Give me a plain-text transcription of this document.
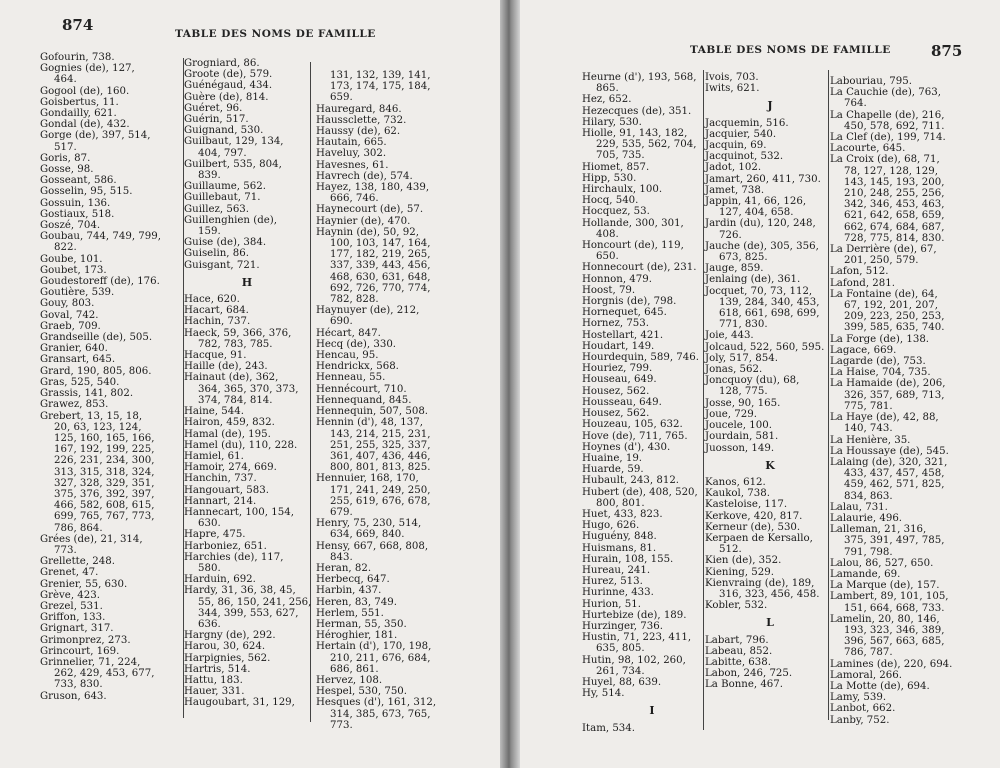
874	TABLE DES NOMS DE FAMILLE
Gofourin, 738.
Gognies (de), 127,
464.
Gogool (de), 160.
Goisbertus, 11.
Gondailly, 621.
Gondal (de), 432.
Gorge (de), 397, 514,
517.
Goris, 87.
Gosse, 98.
Gosseant, 586.
Gosselin, 95, 515.
Gossuin, 136.
Gostiaux, 518.
Goszé, 704.
Goubau, 744, 749, 799,
822.
Goube, 101.
Goubet, 173.
Goudestoreff (de), 176.
Goutière, 539.
Gouy, 803.
Goval, 742.
Graeb, 709.
Grandseille (de), 505.
Granier, 640.
Gransart, 645.
Grard, 190, 805, 806.
Gras, 525, 540.
Grassis, 141, 802.
Grawez, 853.
Grebert, 13, 15, 18,
20, 63, 123, 124,
125, 160, 165, 166,
167, 192, 199, 225,
226, 231, 234, 300,
313, 315, 318, 324,
327, 328, 329, 351,
375, 376, 392, 397,
466, 582, 608, 615,
699, 765, 767, 773,
786, 864.
Grées (de), 21, 314,
773.
Grellette, 248.
Grenet, 47.
Grenier, 55, 630.
Grève, 423.
Grezel, 531.
Griffon, 133.
Grignart, 317.
Grimonprez, 273.
Grincourt, 169.
Grinnelier, 71, 224,
262, 429, 453, 677,
733, 830.
Gruson, 643.
Grogniard, 86.
Groote (de), 579.
Guénégaud, 434.
Guère (de), 814.
Guéret, 96.
Guérin, 517.
Guignand, 530.
Guilbaut, 129, 134,
404, 797.
Guilbert, 535, 804,
839.
Guillaume, 562.
Guillebaut, 71.
Guillez, 563.
Guillenghien (de),
159.
Guise (de), 384.
Guiselin, 86.
Guisgant, 721.
H
Hace, 620.
Hacart, 684.
Hachin, 737.
Haeck, 59, 366, 376,
782, 783, 785.
Hacque, 91.
Haille (de), 243.
Hainaut (de), 362,
364, 365, 370, 373,
374, 784, 814.
Haine, 544.
Hairon, 459, 832.
Hamal (de), 195.
Hamel (du), 110, 228.
Hamiel, 61.
Hamoir, 274, 669.
Hanchin, 737.
Hangouart, 583.
Hannart, 214.
Hannecart, 100, 154,
630.
Hapre, 475.
Harboniez, 651.
Harchies (de), 117,
580.
Harduin, 692.
Hardy, 31, 36, 38, 45,
55, 86, 150, 241, 256,
344, 399, 553, 627,
636.
Hargny (de), 292.
Harou, 30, 624.
Harpignies, 562.
Hartris, 514.
Hattu, 183.
Hauer, 331.
Haugoubart, 31, 129,
131, 132, 139, 141,
173, 174, 175, 184,
659.
Hauregard, 846.
Haussclette, 732.
Haussy (de), 62.
Hautain, 665.
Haveluy, 302.
Havesnes, 61.
Havrech (de), 574.
Hayez, 138, 180, 439,
666, 746.
Haynecourt (de), 57.
Haynier (de), 470.
Haynin (de), 50, 92,
100, 103, 147, 164,
177, 182, 219, 265,
337, 339, 443, 456,
468, 630, 631, 648,
692, 726, 770, 774,
782, 828.
Haynuyer (de), 212,
690.
Hécart, 847.
Hecq (de), 330.
Hencau, 95.
Hendrickx, 568.
Henneau, 55.
Hennécourt, 710.
Hennequand, 845.
Hennequin, 507, 508.
Hennin (d'), 48, 137,
143, 214, 215, 231,
251, 255, 325, 337,
361, 407, 436, 446,
800, 801, 813, 825.
Hennuier, 168, 170,
171, 241, 249, 250,
255, 619, 676, 678,
679.
Henry, 75, 230, 514,
634, 669, 840.
Hensy, 667, 668, 808,
843.
Heran, 82.
Herbecq, 647.
Harbin, 437.
Heren, 83, 749.
Herlem, 551.
Herman, 55, 350.
Héroghier, 181.
Hertain (d'), 170, 198,
210, 211, 676, 684,
686, 861.
Hervez, 108.
Hespel, 530, 750.
Hesques (d'), 161, 312,
314, 385, 673, 765,
773.
TABLE DES NOMS DE FAMILLE	875
Heurne (d'), 193, 568,
865.
Hez, 652.
Hezecques (de), 351.
Hilary, 530.
Hiolle, 91, 143, 182,
229, 535, 562, 704,
705, 735.
Hiomet, 857.
Hipp, 530.
Hirchaulx, 100.
Hocq, 540.
Hocquez, 53.
Hollande, 300, 301,
408.
Honcourt (de), 119,
650.
Honnecourt (de), 231.
Honnon, 479.
Hoost, 79.
Horgnis (de), 798.
Hornequet, 645.
Hornez, 753.
Hostellart, 421.
Houdart, 149.
Hourdequin, 589, 746.
Houriez, 799.
Houseau, 649.
Housez, 562.
Housseau, 649.
Housez, 562.
Houzeau, 105, 632.
Hove (de), 711, 765.
Hoynes (d'), 430.
Huaine, 19.
Huarde, 59.
Hubault, 243, 812.
Hubert (de), 408, 520,
800, 801.
Huet, 433, 823.
Hugo, 626.
Huguény, 848.
Huismans, 81.
Hurain, 108, 155.
Hureau, 241.
Hurez, 513.
Hurinne, 433.
Hurion, 51.
Hurtebize (de), 189.
Hurzinger, 736.
Hustin, 71, 223, 411,
635, 805.
Hutin, 98, 102, 260,
261, 734.
Huyel, 88, 639.
Hy, 514.
I
Itam, 534.
Ivois, 703.
Iwits, 621.
J
Jacquemin, 516.
Jacquier, 540.
Jacquin, 69.
Jacquinot, 532.
Jadot, 102.
Jamart, 260, 411, 730.
Jamet, 738.
Jappin, 41, 66, 126,
127, 404, 658.
Jardin (du), 120, 248,
726.
Jauche (de), 305, 356,
673, 825.
Jauge, 859.
Jenlaing (de), 361.
Jocquet, 70, 73, 112,
139, 284, 340, 453,
618, 661, 698, 699,
771, 830.
Joie, 443.
Jolcaud, 522, 560, 595.
Joly, 517, 854.
Jonas, 562.
Joncquoy (du), 68,
128, 775.
Josse, 90, 165.
Joue, 729.
Joucele, 100.
Jourdain, 581.
Juosson, 149.
K
Kanos, 612.
Kaukol, 738.
Kasteloise, 117.
Kerkove, 420, 817.
Kerneur (de), 530.
Kerpaen de Kersallo,
512.
Kien (de), 352.
Kiening, 529.
Kienvraing (de), 189,
316, 323, 456, 458.
Kobler, 532.
L
Labart, 796.
Labeau, 852.
Labitte, 638.
Labon, 246, 725.
La Bonne, 467.
Labouriau, 795.
La Cauchie (de), 763,
764.
La Chapelle (de), 216,
450, 578, 692, 711.
La Clef (de), 199, 714.
Lacourte, 645.
La Croix (de), 68, 71,
78, 127, 128, 129,
143, 145, 193, 200,
210, 248, 255, 256,
342, 346, 453, 463,
621, 642, 658, 659,
662, 674, 684, 687,
728, 775, 814, 830.
La Derrière (de), 67,
201, 250, 579.
Lafon, 512.
Lafond, 281.
La Fontaine (de), 64,
67, 192, 201, 207,
209, 223, 250, 253,
399, 585, 635, 740.
La Forge (de), 138.
Lagace, 669.
Lagarde (de), 753.
La Haise, 704, 735.
La Hamaide (de), 206,
326, 357, 689, 713,
775, 781.
La Haye (de), 42, 88,
140, 743.
La Henière, 35.
La Houssaye (de), 545.
Lalaing (de), 320, 321,
433, 437, 457, 458,
459, 462, 571, 825,
834, 863.
Lalau, 731.
Lalaurie, 496.
Lalleman, 21, 316,
375, 391, 497, 785,
791, 798.
Lalou, 86, 527, 650.
Lamande, 69.
La Marque (de), 157.
Lambert, 89, 101, 105,
151, 664, 668, 733.
Lamelin, 20, 80, 146,
193, 323, 346, 389,
396, 567, 663, 685,
786, 787.
Lamines (de), 220, 694.
Lamoral, 266.
La Motte (de), 694.
Lamy, 539.
Lanbot, 662.
Lanby, 752.
